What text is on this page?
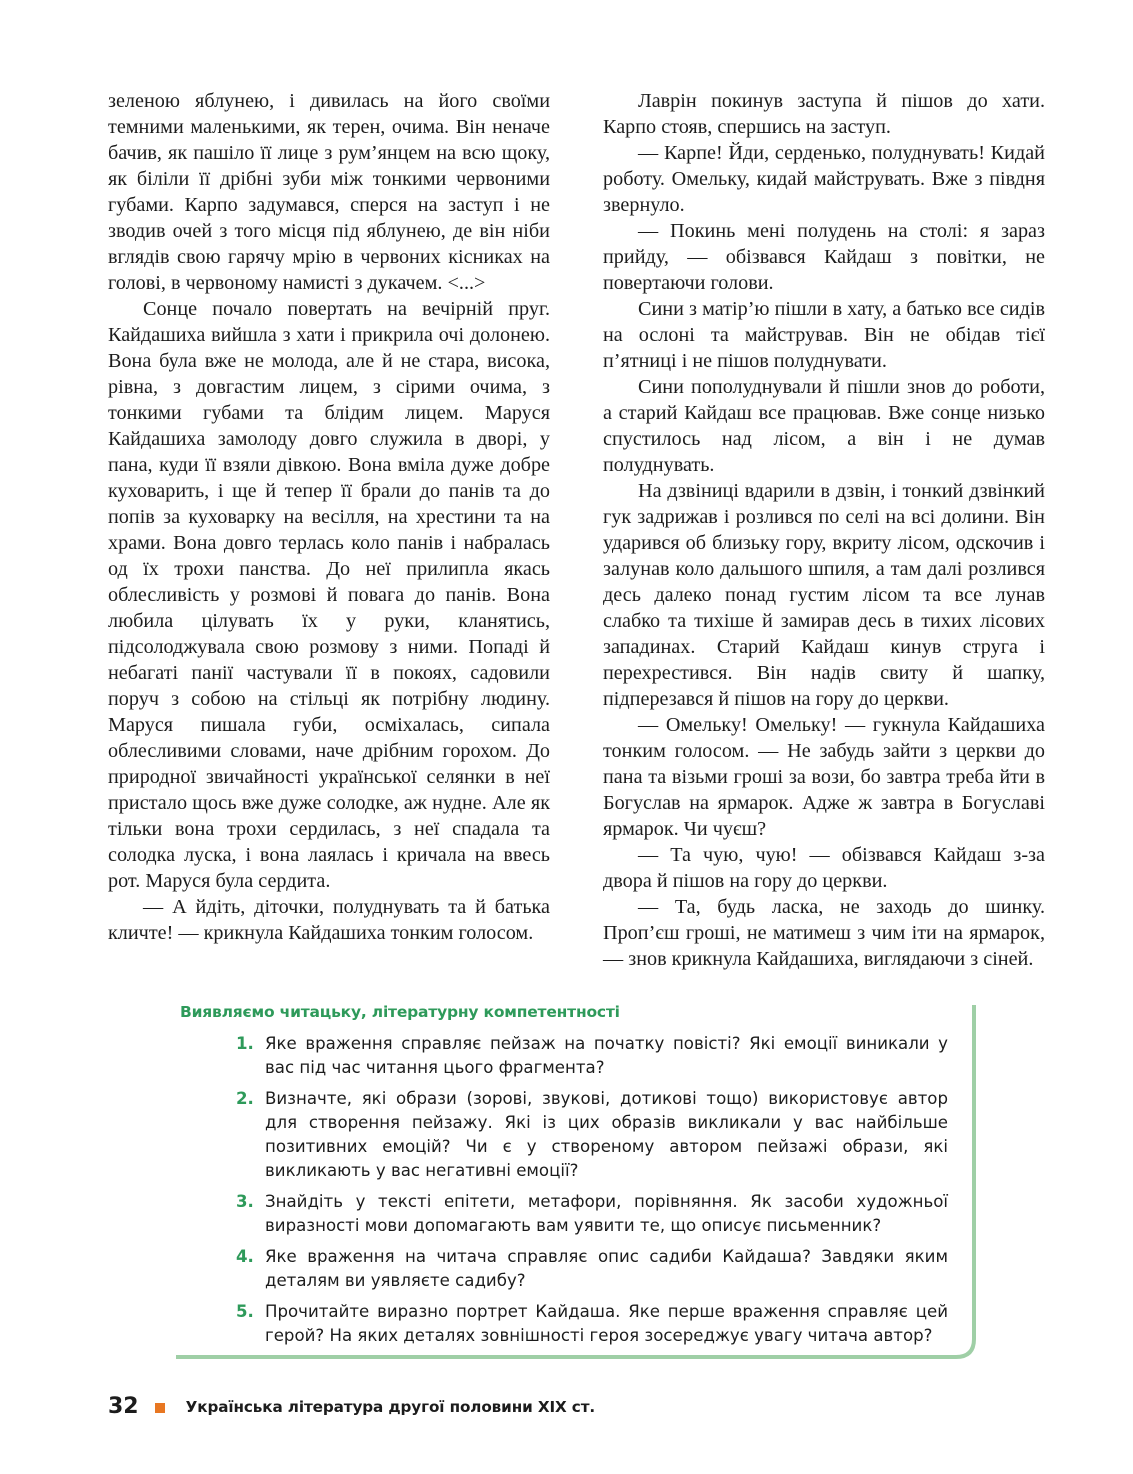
зеленою яблунею, і дивилась на його своїми темними маленькими, як терен, очима. Він неначе бачив, як пашіло її лице з рум’янцем на всю щоку, як біліли її дрібні зуби між тонкими червоними губами. Карпо задумався, сперся на заступ і не зводив очей з того місця під яблунею, де він ніби вглядів свою гарячу мрію в червоних кісниках на голові, в червоному намисті з дукачем. <...>

Сонце почало повертать на вечірній пруг. Кайдашиха вийшла з хати і прикрила очі долонею. Вона була вже не молода, але й не стара, висока, рівна, з довгастим лицем, з сірими очима, з тонкими губами та блідим лицем. Маруся Кайдашиха замолоду довго служила в дворі, у пана, куди її взяли дівкою. Вона вміла дуже добре куховарить, і ще й тепер її брали до панів та до попів за куховарку на весілля, на хрестини та на храми. Вона довго терлась коло панів і набралась од їх трохи панства. До неї прилипла якась облесливість у розмові й повага до панів. Вона любила цілувать їх у руки, кланятись, підсолоджувала свою розмову з ними. Попаді й небагаті панії частували її в покоях, садовили поруч з собою на стільці як потрібну людину. Маруся пишала губи, осміхалась, сипала облесливими словами, наче дрібним горохом. До природної звичайності української селянки в неї пристало щось вже дуже солодке, аж нудне. Але як тільки вона трохи сердилась, з неї спадала та солодка луска, і вона лаялась і кричала на ввесь рот. Маруся була сердита.

— А йдіть, діточки, полуднувать та й батька кличте! — крикнула Кайдашиха тонким голосом.

Лаврін покинув заступа й пішов до хати. Карпо стояв, спершись на заступ.

— Карпе! Йди, серденько, полуднувать! Кидай роботу. Омельку, кидай майструвать. Вже з півдня звернуло.

— Покинь мені полудень на столі: я зараз прийду, — обізвався Кайдаш з повітки, не повертаючи голови.

Сини з матір’ю пішли в хату, а батько все сидів на ослоні та майстрував. Він не обідав тієї п’ятниці і не пішов полуднувати.

Сини пополуднували й пішли знов до роботи, а старий Кайдаш все працював. Вже сонце низько спустилось над лісом, а він і не думав полуднувать.

На дзвіниці вдарили в дзвін, і тонкий дзвінкий гук задрижав і розлився по селі на всі долини. Він ударився об близьку гору, вкриту лісом, одскочив і залунав коло дальшого шпиля, а там далі розлився десь далеко понад густим лісом та все лунав слабко та тихіше й замирав десь в тихих лісових западинах. Старий Кайдаш кинув струга і перехрестився. Він надів свиту й шапку, підперезався й пішов на гору до церкви.

— Омельку! Омельку! — гукнула Кайдашиха тонким голосом. — Не забудь зайти з церкви до пана та візьми гроші за вози, бо завтра треба йти в Богуслав на ярмарок. Адже ж завтра в Богуславі ярмарок. Чи чуєш?

— Та чую, чую! — обізвався Кайдаш з-за двора й пішов на гору до церкви.

— Та, будь ласка, не заходь до шинку. Проп’єш гроші, не матимеш з чим іти на ярмарок, — знов крикнула Кайдашиха, виглядаючи з сіней.

Виявляємо читацьку, літературну компетентності
1. Яке враження справляє пейзаж на початку повісті? Які емоції виникали у вас під час читання цього фрагмента?
2. Визначте, які образи (зорові, звукові, дотикові тощо) використовує автор для створення пейзажу. Які із цих образів викликали у вас найбільше позитивних емоцій? Чи є у створеному автором пейзажі образи, які викликають у вас негативні емоції?
3. Знайдіть у тексті епітети, метафори, порівняння. Як засоби художньої виразності мови допомагають вам уявити те, що описує письменник?
4. Яке враження на читача справляє опис садиби Кайдаша? Завдяки яким деталям ви уявляєте садибу?
5. Прочитайте виразно портрет Кайдаша. Яке перше враження справляє цей герой? На яких деталях зовнішності героя зосереджує увагу читача автор?
32	Українська література другої половини XIX ст.
